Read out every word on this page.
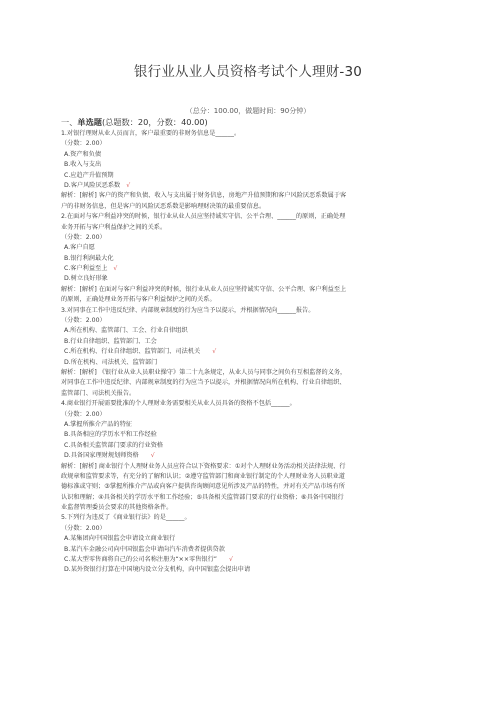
银行业从业人员资格考试个人理财-30
（总分：100.00，做题时间：90分钟）
一、单选题(总题数：20，分数：40.00)
1.对银行理财从业人员而言，客户最重要的非财务信息是______。
（分数：2.00）
A.资产和负债
B.收入与支出
C.应趋产升值预期
D.客户风险厌恶系数 √
解析：[解析] 客户的资产和负债、收入与支出属于财务信息，房地产升值预期和客户风险厌恶系数属于客
户的非财务信息，但是客户的风险厌恶系数是影响理财决策的最重要信息。
2.在面对与客户利益冲突的时候，银行业从业人员应坚持诚实守信、公平合理、______的原则，正确处理
业务开拓与客户利益保护之间的关系。
（分数：2.00）
A.客户自愿
B.银行利润最大化
C.客户利益至上 √
D.树立良好形象
解析：[解析] 在面对与客户利益冲突的时候，银行业从业人员应坚持诚实守信、公平合理、客户利益至上
的原则，正确处理业务开拓与客户利益保护之间的关系。
3.对同事在工作中违反纪律、内部规章制度的行为应当予以提示，并根据情况向______报告。
（分数：2.00）
A.所在机构、监管部门、工会、行业自律组织
B.行业自律组织、监管部门、工会
C.所在机构、行业自律组织、监管部门、司法机关 √
D.所在机构、司法机关、监管部门
解析：[解析] 《银行业从业人员职业操守》第二十九条规定，从业人员与同事之间负有互相监督的义务，
对同事在工作中违反纪律、内部规章制度的行为应当予以提示，并根据情况向所在机构、行业自律组织、
监管部门、司法机关报告。
4.商业银行开展需要批准的个人理财业务需要相关从业人员具备的资格不包括______。
（分数：2.00）
A.掌握所推介产品的特征
B.具备相应的学历水平和工作经验
C.具备相关监管部门要求的行业资格
D.具备国家理财规划师资格 √
解析：[解析] 商业银行个人理财业务人员应符合以下资格要求：①对个人理财业务活动相关法律法规、行
政规章和监管要求等，有充分的了解和认识；②遵守监管部门和商业银行制定的个人理财业务人员职业道
德标准或守则；③掌握所推介产品或向客户提供咨询顾问意见所涉及产品的特性，并对有关产品市场有所
认识和理解；④具备相关的学历水平和工作经验；⑤具备相关监管部门要求的行业资格；⑥具备中国银行
业监督管理委员会要求的其他资格条件。
5.下列行为违反了《商业银行法》的是______。
（分数：2.00）
A.某集团向中国银监会申请设立商业银行
B.某汽车金融公司向中国银监会申请向汽车消费者提供贷款
C.某大型零售商将自己的公司名称注册为“××零售银行” √
D.某外资银行打算在中国境内设立分支机构，向中国银监会提出申请
